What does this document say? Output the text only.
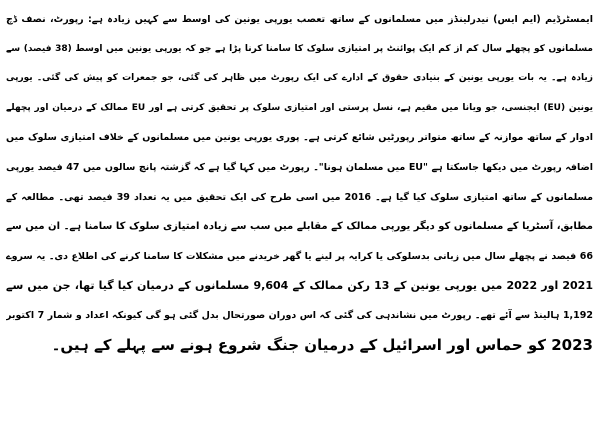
ایمسٹرڈیم (ایم ایس) نیدرلینڈز میں مسلمانوں کے ساتھ تعصب یورپی یونین کی اوسط سے کہیں زیادہ ہے: رپورٹ، نصف ڈچ
مسلمانوں کو پچھلے سال کم از کم ایک پوائنٹ پر امتیازی سلوک کا سامنا کرنا پڑا ہے جو کہ یورپی یونین میں اوسط (38 فیصد) سے
زیادہ ہے۔ یہ بات یورپی یونین کے بنیادی حقوق کے ادارے کی ایک رپورٹ میں ظاہر کی گئی، جو جمعرات کو پیش کی گئی۔ یورپی
یونین (EU) ایجنسی، جو ویانا میں مقیم ہے، نسل پرستی اور امتیازی سلوک پر تحقیق کرتی ہے اور EU ممالک کے درمیان اور پچھلے
ادوار کے ساتھ موازنہ کے ساتھ متواتر رپورٹیں شائع کرتی ہے۔ پوری یورپی یونین میں مسلمانوں کے خلاف امتیازی سلوک میں
اضافہ رپورٹ میں دیکھا جاسکتا ہے "EU میں مسلمان ہونا"۔ رپورٹ میں کہا گیا ہے کہ گزشتہ پانچ سالوں میں 47 فیصد یورپی
مسلمانوں کے ساتھ امتیازی سلوک کیا گیا ہے۔ 2016 میں اسی طرح کی ایک تحقیق میں یہ تعداد 39 فیصد تھی۔ مطالعہ کے
مطابق، آسٹریا کے مسلمانوں کو دیگر یورپی ممالک کے مقابلے میں سب سے زیادہ امتیازی سلوک کا سامنا ہے۔ ان میں سے
66 فیصد نے پچھلے سال میں زبانی بدسلوکی یا کرایہ پر لینے یا گھر خریدنے میں مشکلات کا سامنا کرنے کی اطلاع دی۔ یہ سروے
2021 اور 2022 میں یورپی یونین کے 13 رکن ممالک کے 9,604 مسلمانوں کے درمیان کیا گیا تھا، جن میں سے
1,192 ہالینڈ سے آئے تھے۔ رپورٹ میں نشاندہی کی گئی کہ اس دوران صورتحال بدل گئی ہو گی کیونکہ اعداد و شمار 7 اکتوبر
2023 کو حماس اور اسرائیل کے درمیان جنگ شروع ہونے سے پہلے کے ہیں۔
